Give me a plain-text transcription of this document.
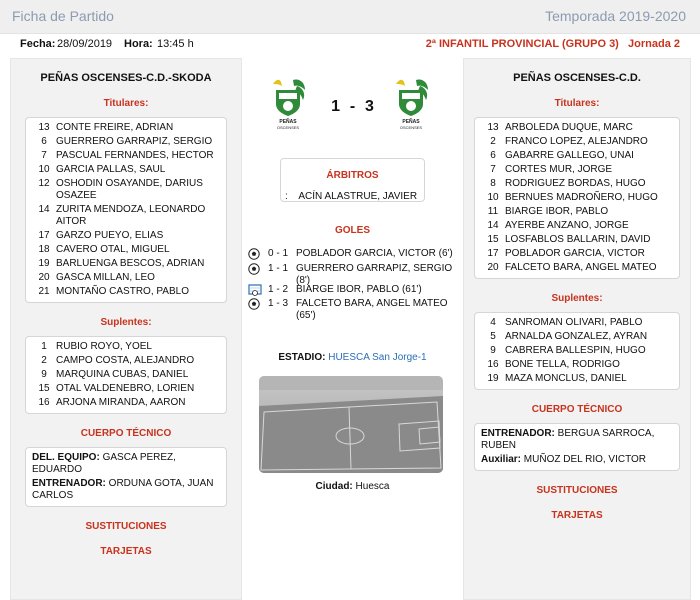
Ficha de Partido	Temporada 2019-2020
Fecha: 28/09/2019 Hora: 13:45 h	2ª INFANTIL PROVINCIAL (GRUPO 3) Jornada 2
PEÑAS OSCENSES-C.D.-SKODA
Titulares:
13 CONTE FREIRE, ADRIAN
6 GUERRERO GARRAPIZ, SERGIO
7 PASCUAL FERNANDES, HECTOR
10 GARCIA PALLAS, SAUL
12 OSHODIN OSAYANDE, DARIUS OSAZEE
14 ZURITA MENDOZA, LEONARDO AITOR
17 GARZO PUEYO, ELIAS
18 CAVERO OTAL, MIGUEL
19 BARLUENGA BESCOS, ADRIAN
20 GASCA MILLAN, LEO
21 MONTAÑO CASTRO, PABLO
Suplentes:
1 RUBIO ROYO, YOEL
2 CAMPO COSTA, ALEJANDRO
9 MARQUINA CUBAS, DANIEL
15 OTAL VALDENEBRO, LORIEN
16 ARJONA MIRANDA, AARON
CUERPO TÉCNICO
DEL. EQUIPO: GASCA PEREZ, EDUARDO
ENTRENADOR: ORDUNA GOTA, JUAN CARLOS
SUSTITUCIONES
TARJETAS
PEÑAS
OSCENSES
1 - 3
PEÑAS
OSCENSES
ÁRBITROS
:    ACÍN ALASTRUE, JAVIER
GOLES
0 - 1 POBLADOR GARCIA, VICTOR (6')
1 - 1 GUERRERO GARRAPIZ, SERGIO (8')
1 - 2 BIARGE IBOR, PABLO (61')
1 - 3 FALCETO BARA, ANGEL MATEO (65')
ESTADIO: HUESCA San Jorge-1
Ciudad: Huesca
PEÑAS OSCENSES-C.D.
Titulares:
13 ARBOLEDA DUQUE, MARC
2 FRANCO LOPEZ, ALEJANDRO
6 GABARRE GALLEGO, UNAI
7 CORTES MUR, JORGE
8 RODRIGUEZ BORDAS, HUGO
10 BERNUES MADROÑERO, HUGO
11 BIARGE IBOR, PABLO
14 AYERBE ANZANO, JORGE
15 LOSFABLOS BALLARIN, DAVID
17 POBLADOR GARCIA, VICTOR
20 FALCETO BARA, ANGEL MATEO
Suplentes:
4 SANROMAN OLIVARI, PABLO
5 ARNALDA GONZALEZ, AYRAN
9 CABRERA BALLESPIN, HUGO
16 BONE TELLA, RODRIGO
19 MAZA MONCLUS, DANIEL
CUERPO TÉCNICO
ENTRENADOR: BERGUA SARROCA, RUBEN
Auxiliar: MUÑOZ DEL RIO, VICTOR
SUSTITUCIONES
TARJETAS
